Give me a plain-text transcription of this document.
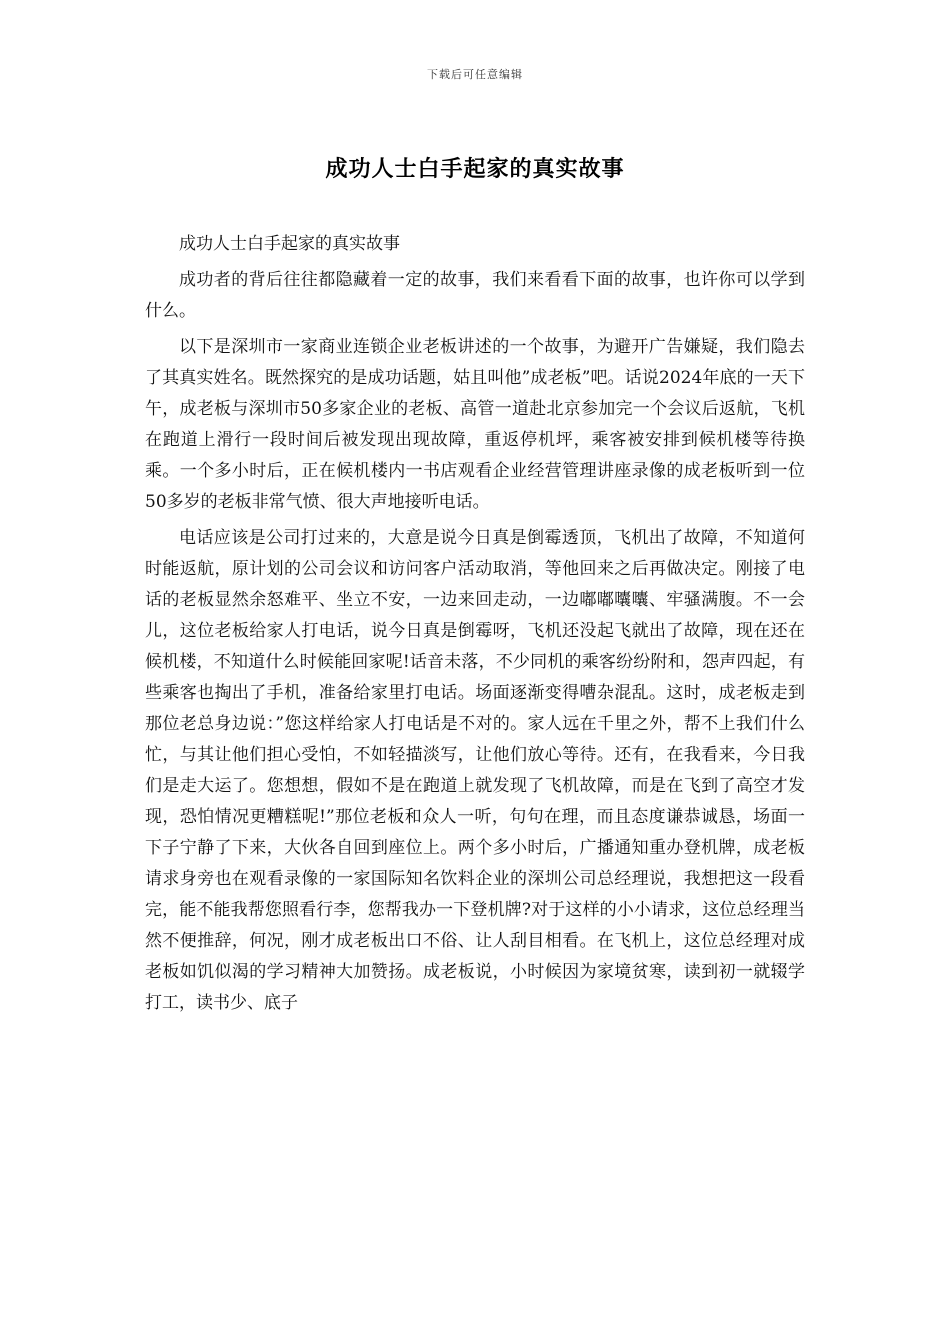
下载后可任意编辑
成功人士白手起家的真实故事

成功人士白手起家的真实故事

成功者的背后往往都隐藏着一定的故事，我们来看看下面的故事，也许你可以学到什么。

以下是深圳市一家商业连锁企业老板讲述的一个故事，为避开广告嫌疑，我们隐去了其真实姓名。既然探究的是成功话题，姑且叫他”成老板”吧。话说2024年底的一天下午，成老板与深圳市50多家企业的老板、高管一道赴北京参加完一个会议后返航，飞机在跑道上滑行一段时间后被发现出现故障，重返停机坪，乘客被安排到候机楼等待换乘。一个多小时后，正在候机楼内一书店观看企业经营管理讲座录像的成老板听到一位50多岁的老板非常气愤、很大声地接听电话。

电话应该是公司打过来的，大意是说今日真是倒霉透顶，飞机出了故障，不知道何时能返航，原计划的公司会议和访问客户活动取消，等他回来之后再做决定。刚接了电话的老板显然余怒难平、坐立不安，一边来回走动，一边嘟嘟囔囔、牢骚满腹。不一会儿，这位老板给家人打电话，说今日真是倒霉呀，飞机还没起飞就出了故障，现在还在候机楼，不知道什么时候能回家呢!话音未落，不少同机的乘客纷纷附和，怨声四起，有些乘客也掏出了手机，准备给家里打电话。场面逐渐变得嘈杂混乱。这时，成老板走到那位老总身边说：”您这样给家人打电话是不对的。家人远在千里之外，帮不上我们什么忙，与其让他们担心受怕，不如轻描淡写，让他们放心等待。还有，在我看来，今日我们是走大运了。您想想，假如不是在跑道上就发现了飞机故障，而是在飞到了高空才发现，恐怕情况更糟糕呢!”那位老板和众人一听，句句在理，而且态度谦恭诚恳，场面一下子宁静了下来，大伙各自回到座位上。两个多小时后，广播通知重办登机牌，成老板请求身旁也在观看录像的一家国际知名饮料企业的深圳公司总经理说，我想把这一段看完，能不能我帮您照看行李，您帮我办一下登机牌?对于这样的小小请求，这位总经理当然不便推辞，何况，刚才成老板出口不俗、让人刮目相看。在飞机上，这位总经理对成老板如饥似渴的学习精神大加赞扬。成老板说，小时候因为家境贫寒，读到初一就辍学打工，读书少、底子
